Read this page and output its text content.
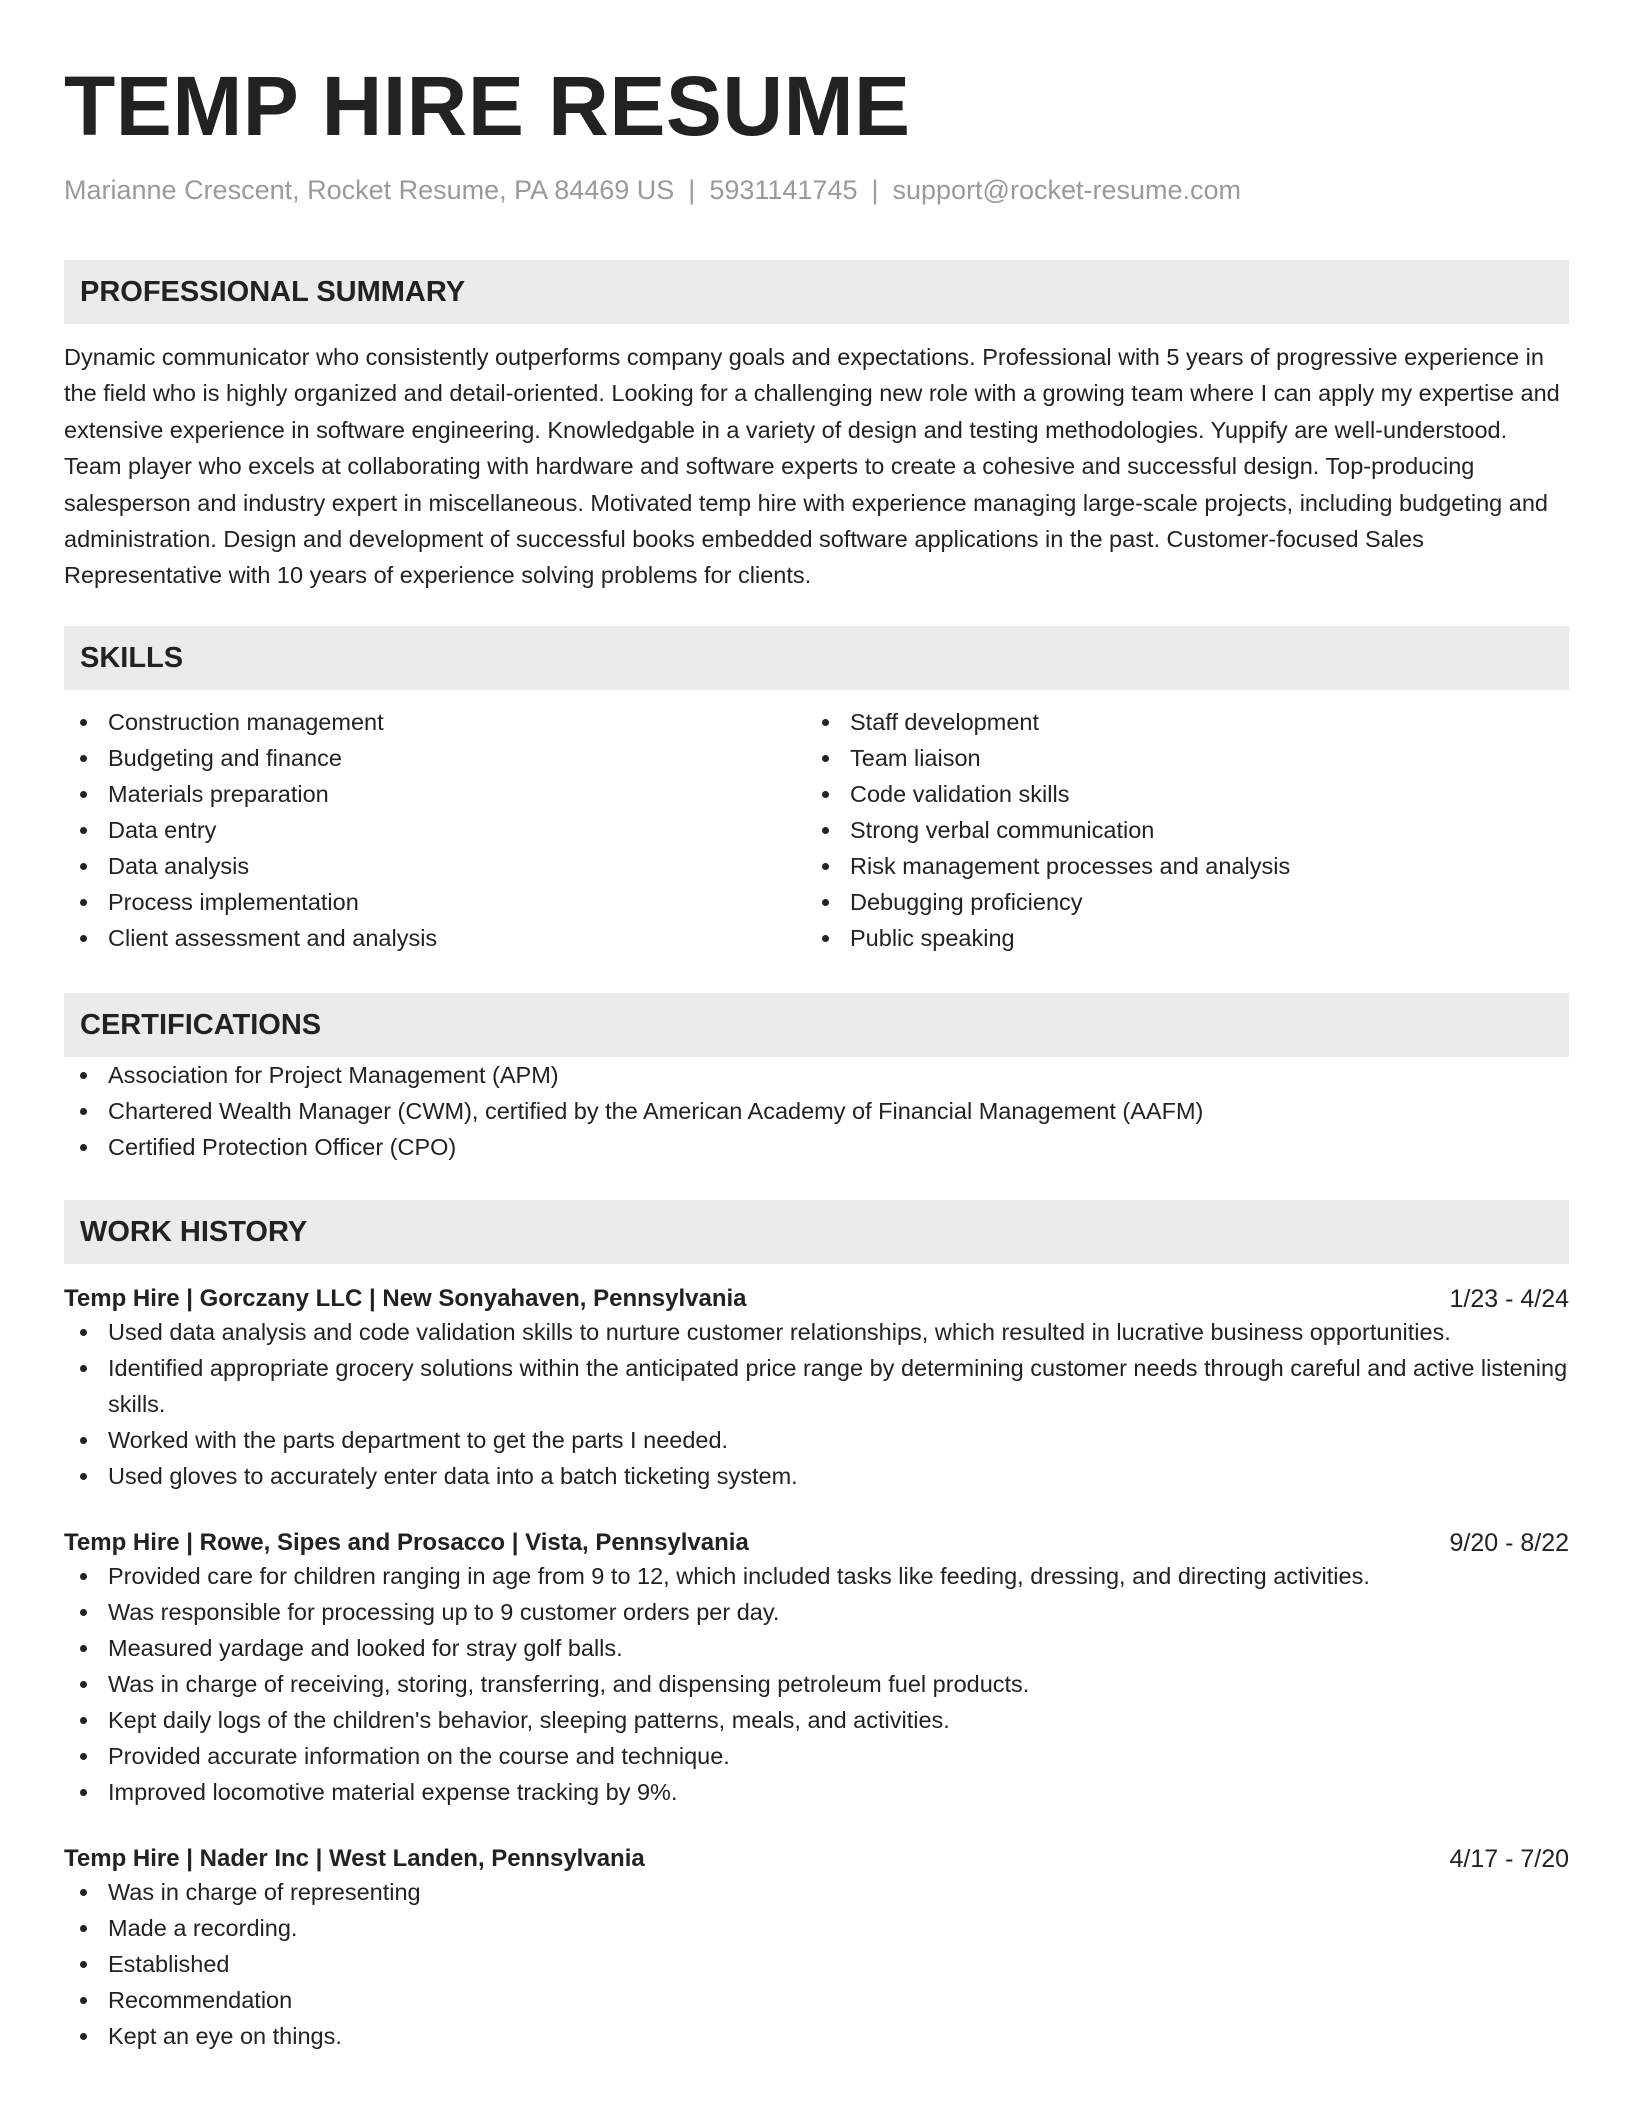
TEMP HIRE RESUME
Marianne Crescent, Rocket Resume, PA 84469 US | 5931141745 | support@rocket-resume.com
PROFESSIONAL SUMMARY
Dynamic communicator who consistently outperforms company goals and expectations. Professional with 5 years of progressive experience in the field who is highly organized and detail-oriented. Looking for a challenging new role with a growing team where I can apply my expertise and extensive experience in software engineering. Knowledgable in a variety of design and testing methodologies. Yuppify are well-understood. Team player who excels at collaborating with hardware and software experts to create a cohesive and successful design. Top-producing salesperson and industry expert in miscellaneous. Motivated temp hire with experience managing large-scale projects, including budgeting and administration. Design and development of successful books embedded software applications in the past. Customer-focused Sales Representative with 10 years of experience solving problems for clients.
SKILLS
Construction management
Budgeting and finance
Materials preparation
Data entry
Data analysis
Process implementation
Client assessment and analysis
Staff development
Team liaison
Code validation skills
Strong verbal communication
Risk management processes and analysis
Debugging proficiency
Public speaking
CERTIFICATIONS
Association for Project Management (APM)
Chartered Wealth Manager (CWM), certified by the American Academy of Financial Management (AAFM)
Certified Protection Officer (CPO)
WORK HISTORY
Temp Hire | Gorczany LLC | New Sonyahaven, Pennsylvania	1/23 - 4/24
Used data analysis and code validation skills to nurture customer relationships, which resulted in lucrative business opportunities.
Identified appropriate grocery solutions within the anticipated price range by determining customer needs through careful and active listening skills.
Worked with the parts department to get the parts I needed.
Used gloves to accurately enter data into a batch ticketing system.
Temp Hire | Rowe, Sipes and Prosacco | Vista, Pennsylvania	9/20 - 8/22
Provided care for children ranging in age from 9 to 12, which included tasks like feeding, dressing, and directing activities.
Was responsible for processing up to 9 customer orders per day.
Measured yardage and looked for stray golf balls.
Was in charge of receiving, storing, transferring, and dispensing petroleum fuel products.
Kept daily logs of the children's behavior, sleeping patterns, meals, and activities.
Provided accurate information on the course and technique.
Improved locomotive material expense tracking by 9%.
Temp Hire | Nader Inc | West Landen, Pennsylvania	4/17 - 7/20
Was in charge of representing
Made a recording.
Established
Recommendation
Kept an eye on things.
